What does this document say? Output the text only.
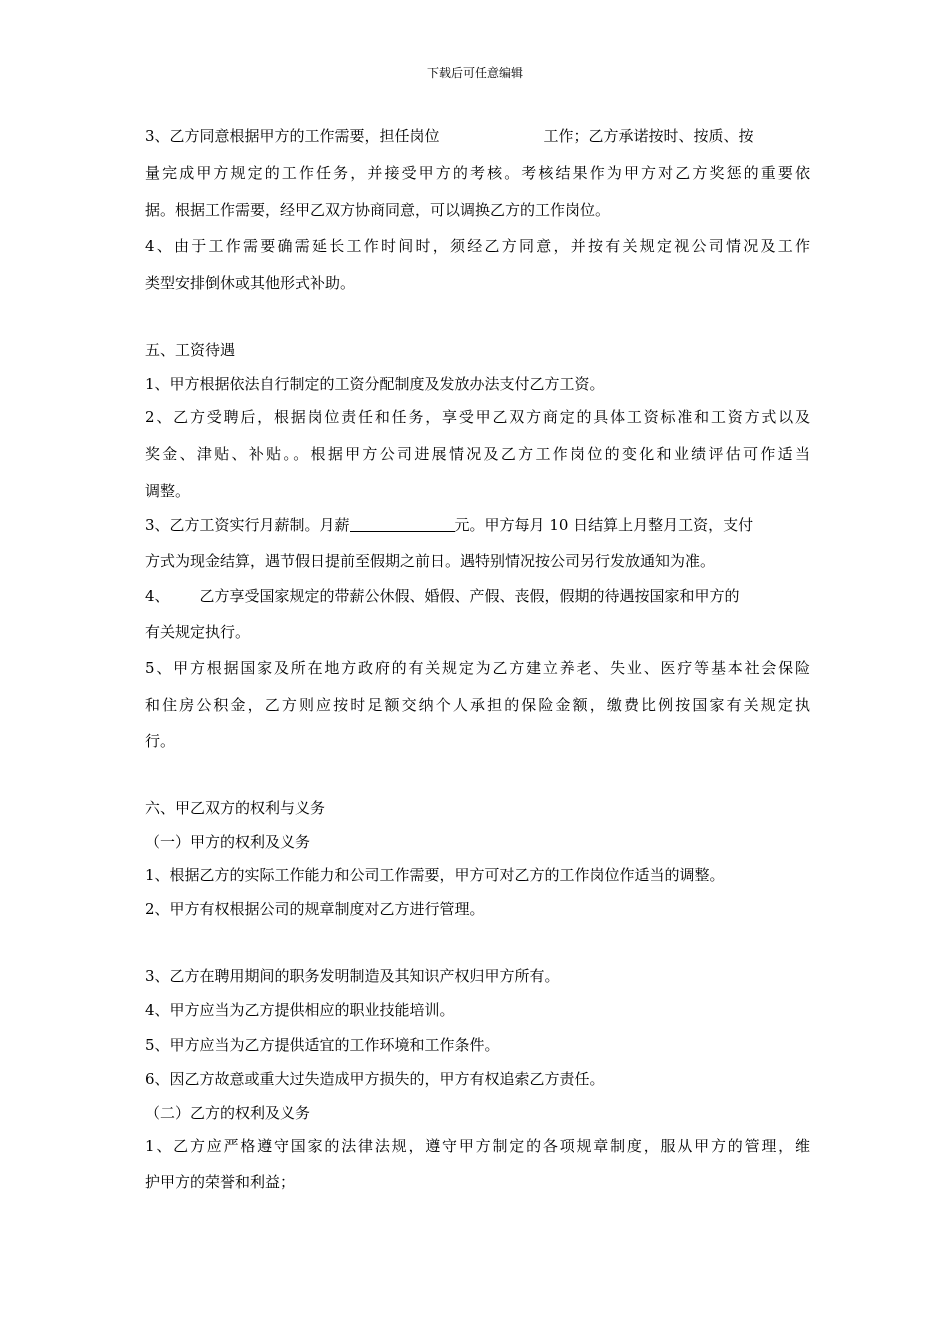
下载后可任意编辑
3、乙方同意根据甲方的工作需要，担任岗位	工作；乙方承诺按时、按质、按
量完成甲方规定的工作任务，并接受甲方的考核。考核结果作为甲方对乙方奖惩的重要依
据。根据工作需要，经甲乙双方协商同意，可以调换乙方的工作岗位。
4、由于工作需要确需延长工作时间时，须经乙方同意，并按有关规定视公司情况及工作
类型安排倒休或其他形式补助。
五、工资待遇
1、甲方根据依法自行制定的工资分配制度及发放办法支付乙方工资。
2、乙方受聘后，根据岗位责任和任务，享受甲乙双方商定的具体工资标准和工资方式以及
奖金、津贴、补贴。。根据甲方公司进展情况及乙方工作岗位的变化和业绩评估可作适当
调整。
3、乙方工资实行月薪制。月薪	元。甲方每月 10 日结算上月整月工资，支付
方式为现金结算，遇节假日提前至假期之前日。遇特别情况按公司另行发放通知为准。
4、 乙方享受国家规定的带薪公休假、婚假、产假、丧假，假期的待遇按国家和甲方的
有关规定执行。
5、甲方根据国家及所在地方政府的有关规定为乙方建立养老、失业、医疗等基本社会保险
和住房公积金，乙方则应按时足额交纳个人承担的保险金额，缴费比例按国家有关规定执
行。
六、甲乙双方的权利与义务
（一）甲方的权利及义务
1、根据乙方的实际工作能力和公司工作需要，甲方可对乙方的工作岗位作适当的调整。
2、甲方有权根据公司的规章制度对乙方进行管理。
3、乙方在聘用期间的职务发明制造及其知识产权归甲方所有。
4、甲方应当为乙方提供相应的职业技能培训。
5、甲方应当为乙方提供适宜的工作环境和工作条件。
6、因乙方故意或重大过失造成甲方损失的，甲方有权追索乙方责任。
（二）乙方的权利及义务
1、乙方应严格遵守国家的法律法规，遵守甲方制定的各项规章制度，服从甲方的管理，维
护甲方的荣誉和利益；
